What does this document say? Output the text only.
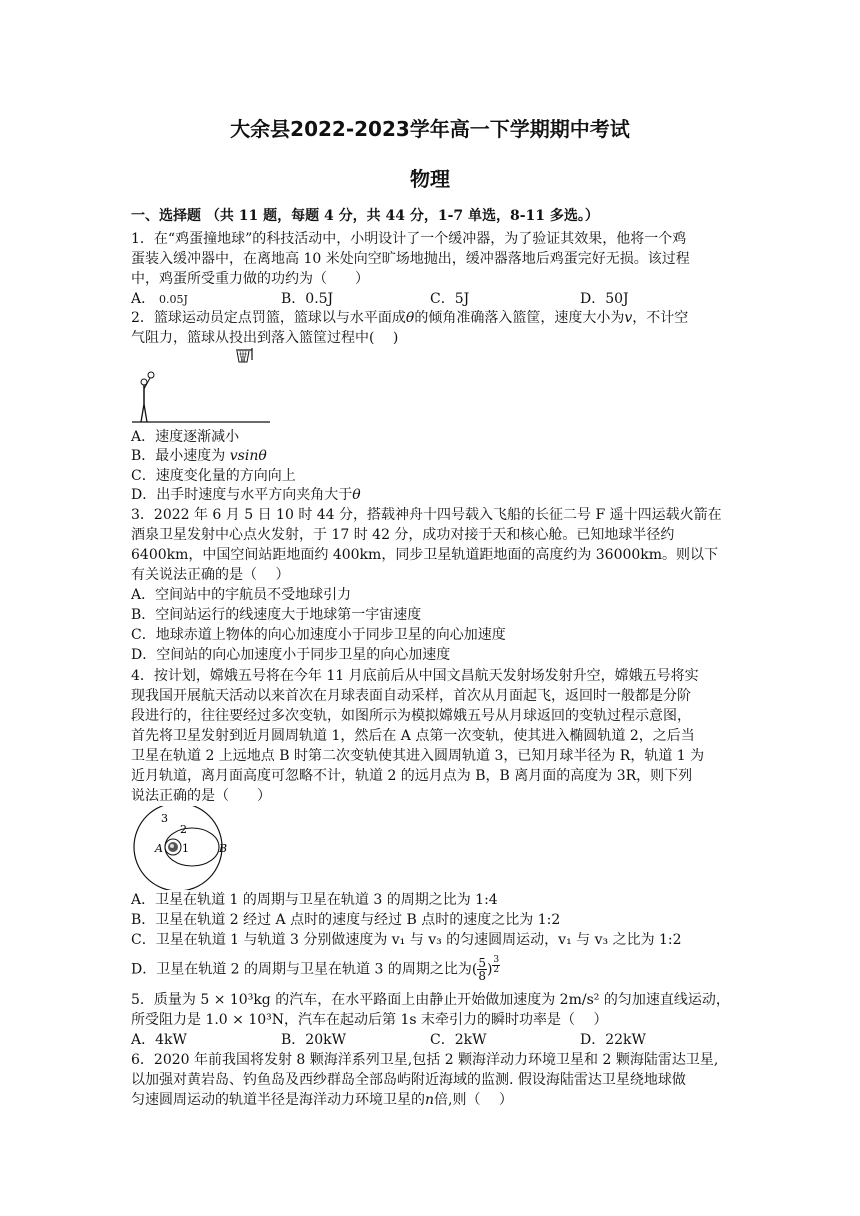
大余县2022-2023学年高一下学期期中考试
物理
一、选择题 （共 11 题，每题 4 分，共 44 分，1-7 单选，8-11 多选。）
1．在“鸡蛋撞地球”的科技活动中，小明设计了一个缓冲器，为了验证其效果，他将一个鸡
蛋装入缓冲器中，在离地高 10 米处向空旷场地抛出，缓冲器落地后鸡蛋完好无损。该过程
中，鸡蛋所受重力做的功约为（　　）
A． 0.05J	B．0.5J	C．5J	D．50J
2．篮球运动员定点罚篮，篮球以与水平面成θ的倾角准确落入篮筐，速度大小为v，不计空
气阻力，篮球从投出到落入篮筐过程中(　 )
A．速度逐渐减小
B．最小速度为 vsinθ
C．速度变化量的方向向上
D．出手时速度与水平方向夹角大于θ
3．2022 年 6 月 5 日 10 时 44 分，搭载神舟十四号载入飞船的长征二号 F 遥十四运载火箭在
酒泉卫星发射中心点火发射，于 17 时 42 分，成功对接于天和核心舱。已知地球半径约
6400km，中国空间站距地面约 400km，同步卫星轨道距地面的高度约为 36000km。则以下
有关说法正确的是（　 ）
A．空间站中的宇航员不受地球引力
B．空间站运行的线速度大于地球第一宇宙速度
C．地球赤道上物体的向心加速度小于同步卫星的向心加速度
D．空间站的向心加速度小于同步卫星的向心加速度
4．按计划，嫦娥五号将在今年 11 月底前后从中国文昌航天发射场发射升空，嫦娥五号将实
现我国开展航天活动以来首次在月球表面自动采样，首次从月面起飞，返回时一般都是分阶
段进行的，往往要经过多次变轨，如图所示为模拟嫦娥五号从月球返回的变轨过程示意图，
首先将卫星发射到近月圆周轨道 1，然后在 A 点第一次变轨，使其进入椭圆轨道 2，之后当
卫星在轨道 2 上远地点 B 时第二次变轨使其进入圆周轨道 3，已知月球半径为 R，轨道 1 为
近月轨道，离月面高度可忽略不计，轨道 2 的远月点为 B，B 离月面的高度为 3R，则下列
说法正确的是（　　）
3
2
A 1	B
A．卫星在轨道 1 的周期与卫星在轨道 3 的周期之比为 1:4
B．卫星在轨道 2 经过 A 点时的速度与经过 B 点时的速度之比为 1:2
C．卫星在轨道 1 与轨道 3 分别做速度为 v₁ 与 v₃ 的匀速圆周运动，v₁ 与 v₃ 之比为 1:2
D．卫星在轨道 2 的周期与卫星在轨道 3 的周期之比为( $\frac{5}{8}$ ) $^{\frac{3}{2}}$
5．质量为 5 × 10³kg 的汽车，在水平路面上由静止开始做加速度为 2m/s² 的匀加速直线运动，
所受阻力是 1.0 × 10³N，汽车在起动后第 1s 末牵引力的瞬时功率是（　 ）
A．4kW	B．20kW	C．2kW	D．22kW
6．2020 年前我国将发射 8 颗海洋系列卫星,包括 2 颗海洋动力环境卫星和 2 颗海陆雷达卫星,
以加强对黄岩岛、钓鱼岛及西纱群岛全部岛屿附近海域的监测. 假设海陆雷达卫星绕地球做
匀速圆周运动的轨道半径是海洋动力环境卫星的n倍,则（　 ）
